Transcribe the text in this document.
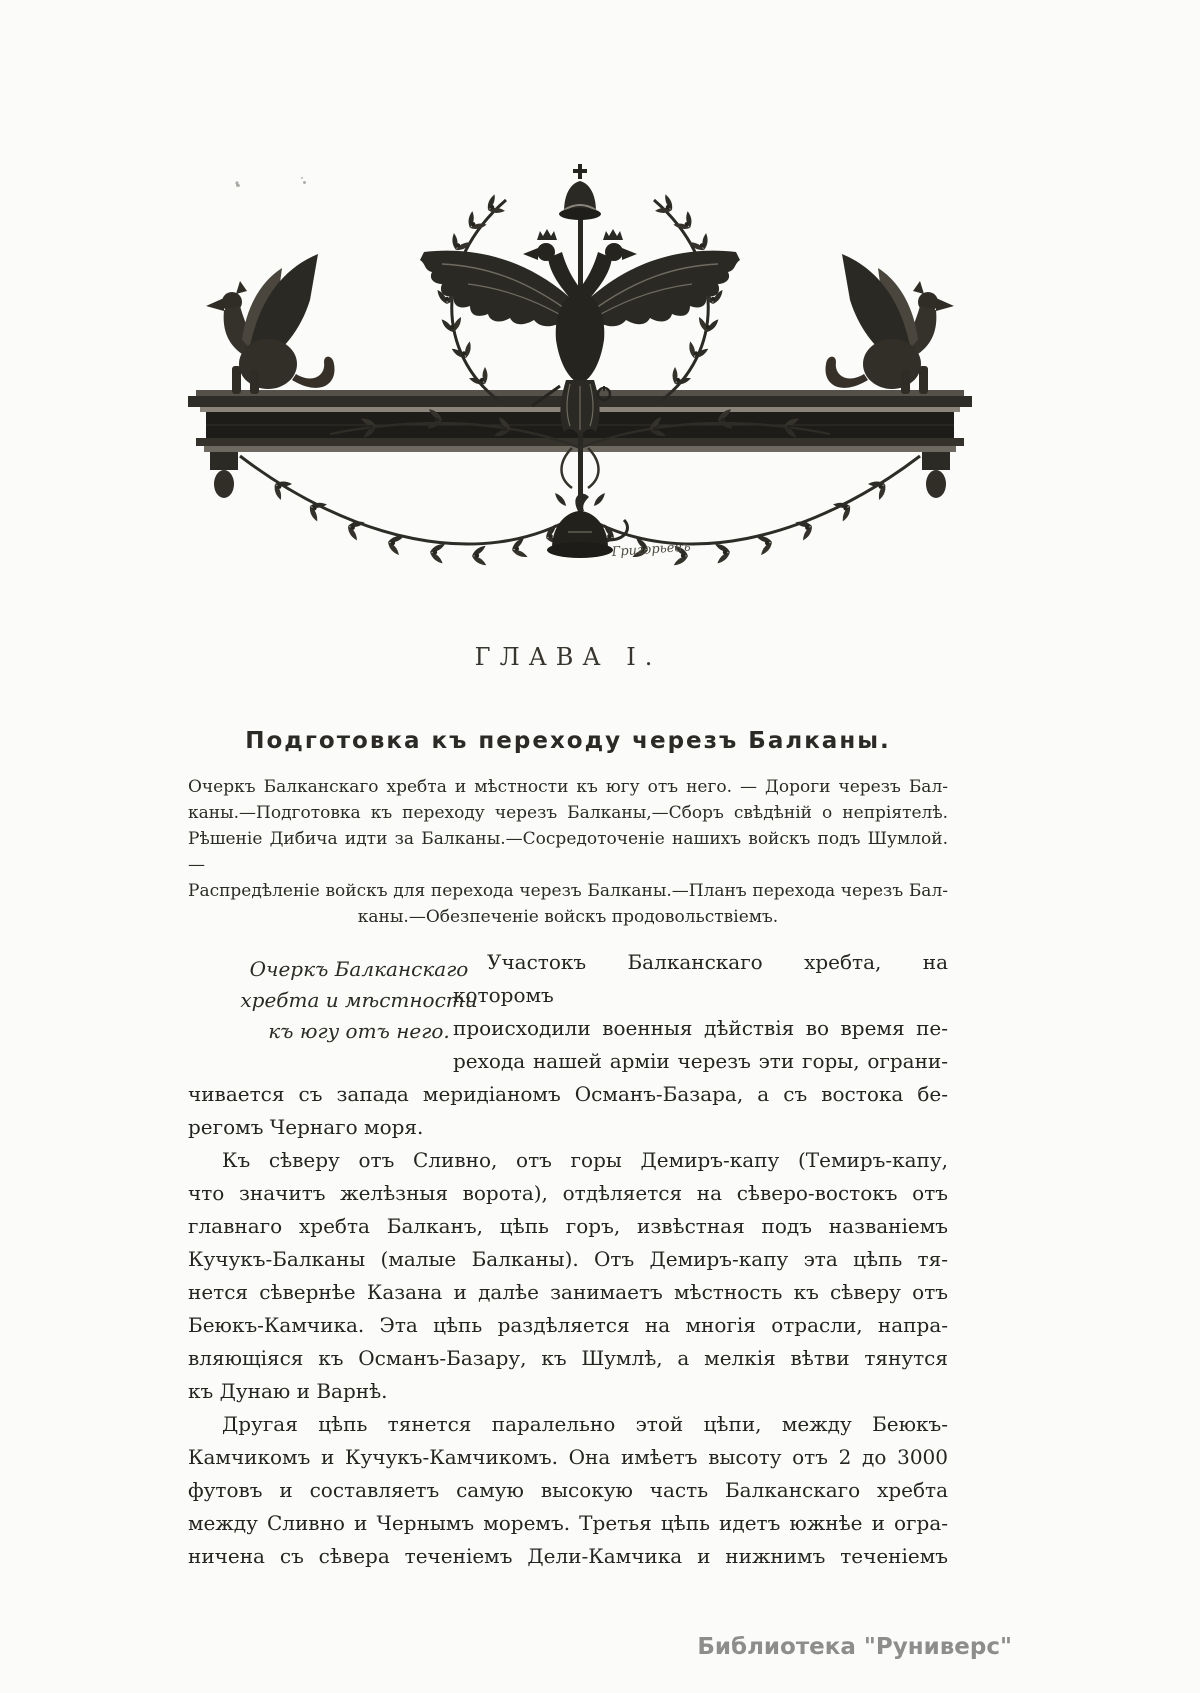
Григорьевъ
ГЛАВА I.
Подготовка къ переходу черезъ Балканы.
Очеркъ Балканскаго хребта и мѣстности къ югу отъ него. — Дороги черезъ Бал-
каны.—Подготовка къ переходу черезъ Балканы,—Сборъ свѣдѣній о непріятелѣ.
Рѣшеніе Дибича идти за Балканы.—Сосредоточеніе нашихъ войскъ подъ Шумлой.—
Распредѣленіе войскъ для перехода черезъ Балканы.—Планъ перехода черезъ Бал-
каны.—Обезпеченіе войскъ продовольствіемъ.
Очеркъ Балканскаго
хребта и мѣстности
къ югу отъ него.
Участокъ Балканскаго хребта, на которомъ
происходили военныя дѣйствія во время пе-
рехода нашей арміи черезъ эти горы, ограни-
чивается съ запада меридіаномъ Османъ-Базара, а съ востока бе-
регомъ Чернаго моря.
Къ сѣверу отъ Сливно, отъ горы Демиръ-капу (Темиръ-капу,
что значитъ желѣзныя ворота), отдѣляется на сѣверо-востокъ отъ
главнаго хребта Балканъ, цѣпь горъ, извѣстная подъ названіемъ
Кучукъ-Балканы (малые Балканы). Отъ Демиръ-капу эта цѣпь тя-
нется сѣвернѣе Казана и далѣе занимаетъ мѣстность къ сѣверу отъ
Беюкъ-Камчика. Эта цѣпь раздѣляется на многія отрасли, напра-
вляющіяся къ Османъ-Базару, къ Шумлѣ, а мелкія вѣтви тянутся
къ Дунаю и Варнѣ.
Другая цѣпь тянется паралельно этой цѣпи, между Беюкъ-
Камчикомъ и Кучукъ-Камчикомъ. Она имѣетъ высоту отъ 2 до 3000
футовъ и составляетъ самую высокую часть Балканскаго хребта
между Сливно и Чернымъ моремъ. Третья цѣпь идетъ южнѣе и огра-
ничена съ сѣвера теченіемъ Дели-Камчика и нижнимъ теченіемъ
Библиотека "Руниверс"
